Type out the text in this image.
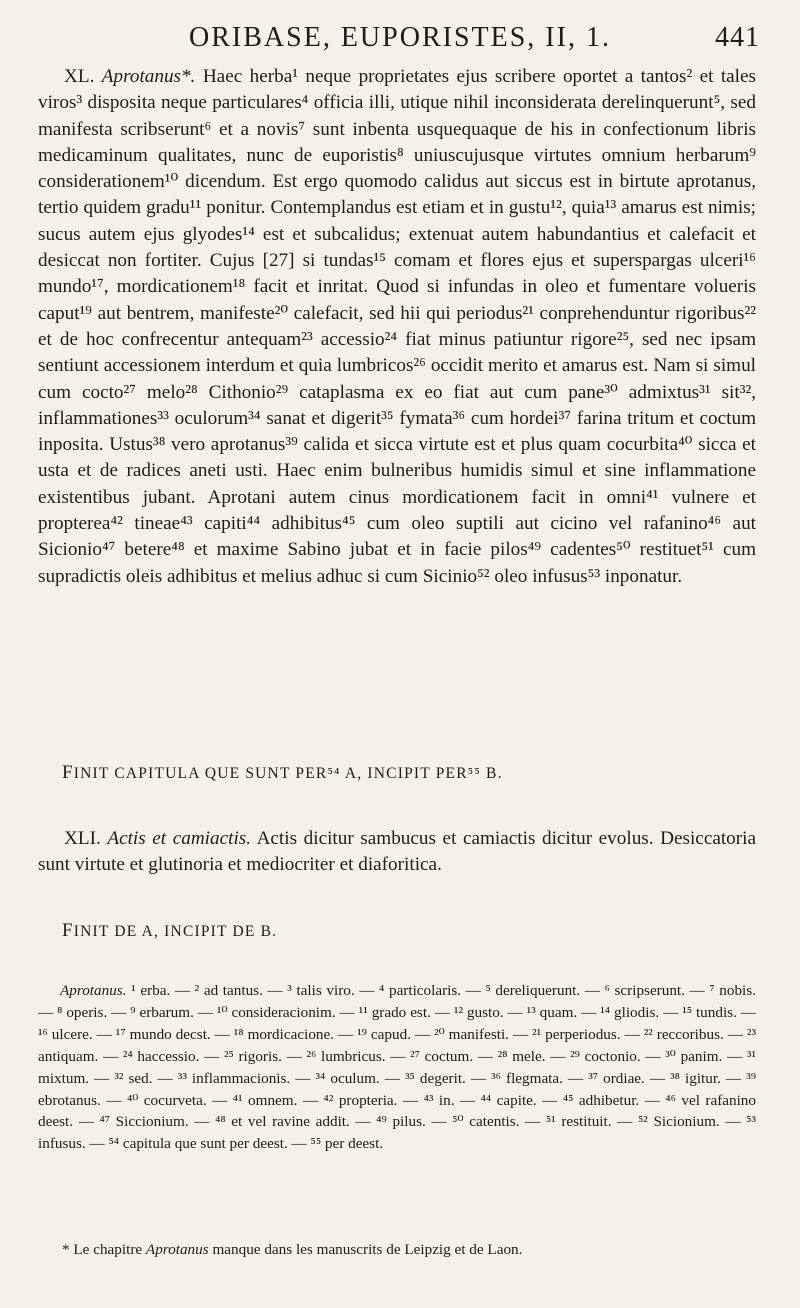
ORIBASE, EUPORISTES, II, 1.	441

XL. Aprotanus*. Haec herba¹ neque proprietates ejus scribere oportet a tantos² et tales viros³ disposita neque particulares⁴ officia illi, utique nihil inconsiderata derelinquerunt⁵, sed manifesta scribserunt⁶ et a novis⁷ sunt inbenta usquequaque de his in confectionum libris medicaminum qualitates, nunc de euporistis⁸ uniuscujusque virtutes omnium herbarum⁹ considerationem¹⁰ dicendum. Est ergo quomodo calidus aut siccus est in birtute aprotanus, tertio quidem gradu¹¹ ponitur. Contemplandus est etiam et in gustu¹², quia¹³ amarus est nimis; sucus autem ejus glyodes¹⁴ est et subcalidus; extenuat autem habundantius et calefacit et desiccat non fortiter. Cujus [27] si tundas¹⁵ comam et flores ejus et superspargas ulceri¹⁶ mundo¹⁷, mordicationem¹⁸ facit et inritat. Quod si infundas in oleo et fumentare volueris caput¹⁹ aut bentrem, manifeste²⁰ calefacit, sed hii qui periodus²¹ conprehenduntur rigoribus²² et de hoc confrecentur antequam²³ accessio²⁴ fiat minus patiuntur rigore²⁵, sed nec ipsam sentiunt accessionem interdum et quia lumbricos²⁶ occidit merito et amarus est. Nam si simul cum cocto²⁷ melo²⁸ Cithonio²⁹ cataplasma ex eo fiat aut cum pane³⁰ admixtus³¹ sit³², inflammationes³³ oculorum³⁴ sanat et digerit³⁵ fymata³⁶ cum hordei³⁷ farina tritum et coctum inposita. Ustus³⁸ vero aprotanus³⁹ calida et sicca virtute est et plus quam cocurbita⁴⁰ sicca et usta et de radices aneti usti. Haec enim bulneribus humidis simul et sine inflammatione existentibus jubant. Aprotani autem cinus mordicationem facit in omni⁴¹ vulnere et propterea⁴² tineae⁴³ capiti⁴⁴ adhibitus⁴⁵ cum oleo suptili aut cicino vel rafanino⁴⁶ aut Sicionio⁴⁷ betere⁴⁸ et maxime Sabino jubat et in facie pilos⁴⁹ cadentes⁵⁰ restituet⁵¹ cum supradictis oleis adhibitus et melius adhuc si cum Sicinio⁵² oleo infusus⁵³ inponatur.

FINIT CAPITULA QUE SUNT PER⁵⁴ A, INCIPIT PER⁵⁵ B.

XLI. Actis et camiactis. Actis dicitur sambucus et camiactis dicitur evolus. Desiccatoria sunt virtute et glutinoria et mediocriter et diaforitica.

FINIT DE A, INCIPIT DE B.

Aprotanus. ¹ erba. — ² ad tantus. — ³ talis viro. — ⁴ particolaris. — ⁵ dereliquerunt. — ⁶ scripserunt. — ⁷ nobis. — ⁸ operis. — ⁹ erbarum. — ¹⁰ consideracionim. — ¹¹ grado est. — ¹² gusto. — ¹³ quam. — ¹⁴ gliodis. — ¹⁵ tundis. — ¹⁶ ulcere. — ¹⁷ mundo decst. — ¹⁸ mordicacione. — ¹⁹ capud. — ²⁰ manifesti. — ²¹ perperiodus. — ²² reccoribus. — ²³ antiquam. — ²⁴ haccessio. — ²⁵ rigoris. — ²⁶ lumbricus. — ²⁷ coctum. — ²⁸ mele. — ²⁹ coctonio. — ³⁰ panim. — ³¹ mixtum. — ³² sed. — ³³ inflammacionis. — ³⁴ oculum. — ³⁵ degerit. — ³⁶ flegmata. — ³⁷ ordiae. — ³⁸ igitur. — ³⁹ ebrotanus. — ⁴⁰ cocurveta. — ⁴¹ omnem. — ⁴² propteria. — ⁴³ in. — ⁴⁴ capite. — ⁴⁵ adhibetur. — ⁴⁶ vel rafanino deest. — ⁴⁷ Siccionium. — ⁴⁸ et vel ravine addit. — ⁴⁹ pilus. — ⁵⁰ catentis. — ⁵¹ restituit. — ⁵² Sicionium. — ⁵³ infusus. — ⁵⁴ capitula que sunt per deest. — ⁵⁵ per deest.

* Le chapitre Aprotanus manque dans les manuscrits de Leipzig et de Laon.
